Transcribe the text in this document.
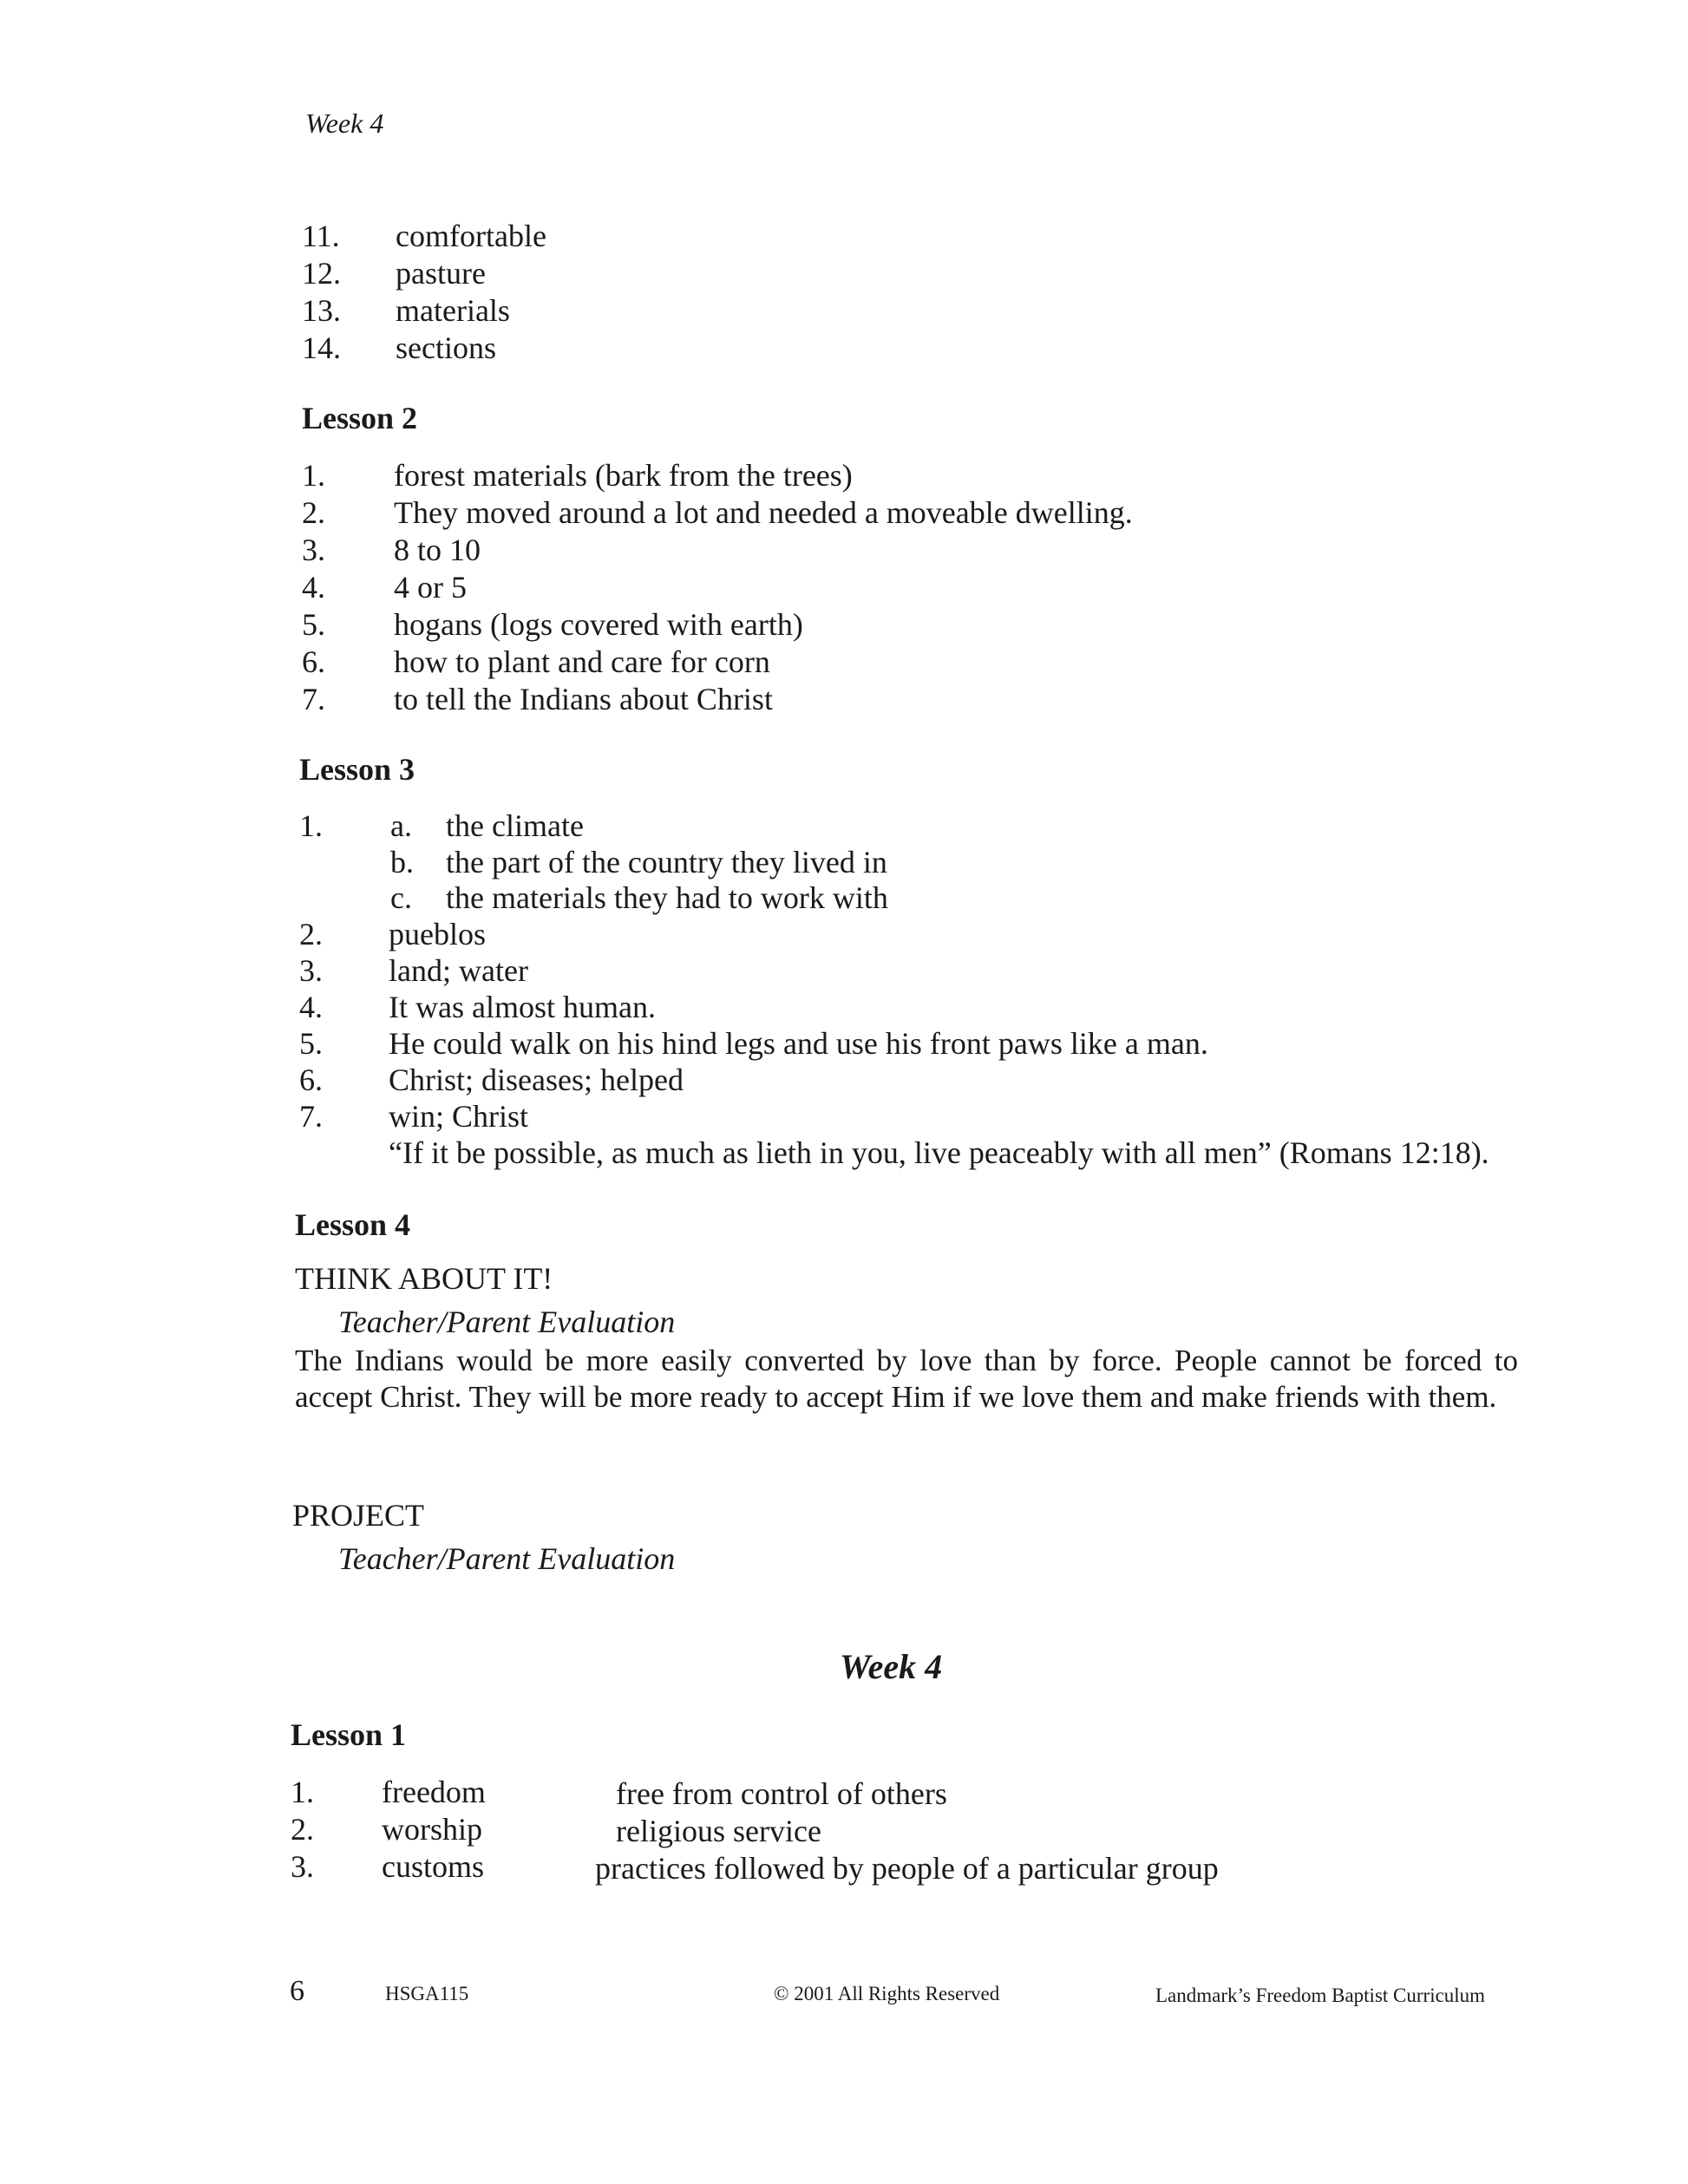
Week 4
11. comfortable
12. pasture
13. materials
14. sections
Lesson 2
1. forest materials (bark from the trees)
2. They moved around a lot and needed a moveable dwelling.
3. 8 to 10
4. 4 or 5
5. hogans (logs covered with earth)
6. how to plant and care for corn
7. to tell the Indians about Christ
Lesson 3
1. a. the climate
b. the part of the country they lived in
c. the materials they had to work with
2. pueblos
3. land; water
4. It was almost human.
5. He could walk on his hind legs and use his front paws like a man.
6. Christ; diseases; helped
7. win; Christ
“If it be possible, as much as lieth in you, live peaceably with all men” (Romans 12:18).
Lesson 4
THINK ABOUT IT!
Teacher/Parent Evaluation
The Indians would be more easily converted by love than by force. People cannot be forced to accept Christ. They will be more ready to accept Him if we love them and make friends with them.
PROJECT
Teacher/Parent Evaluation
Week 4
Lesson 1
1. freedom	free from control of others
2. worship	religious service
3. customs	practices followed by people of a particular group
6	HSGA115	© 2001 All Rights Reserved	Landmark’s Freedom Baptist Curriculum
